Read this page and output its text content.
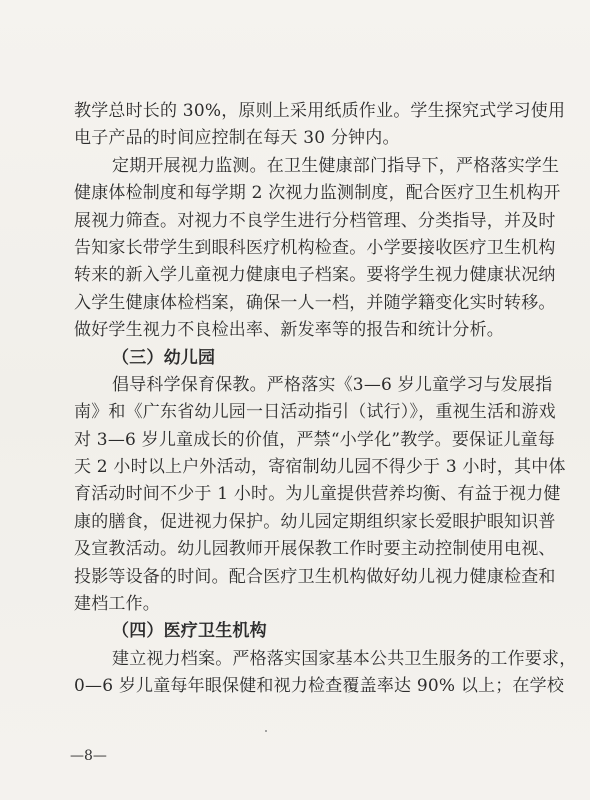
教学总时长的 30%，原则上采用纸质作业。学生探究式学习使用
电子产品的时间应控制在每天 30 分钟内。
定期开展视力监测。在卫生健康部门指导下，严格落实学生
健康体检制度和每学期 2 次视力监测制度，配合医疗卫生机构开
展视力筛查。对视力不良学生进行分档管理、分类指导，并及时
告知家长带学生到眼科医疗机构检查。小学要接收医疗卫生机构
转来的新入学儿童视力健康电子档案。要将学生视力健康状况纳
入学生健康体检档案，确保一人一档，并随学籍变化实时转移。
做好学生视力不良检出率、新发率等的报告和统计分析。
（三）幼儿园
倡导科学保育保教。严格落实《3—6 岁儿童学习与发展指
南》和《广东省幼儿园一日活动指引（试行）》，重视生活和游戏
对 3—6 岁儿童成长的价值，严禁“小学化”教学。要保证儿童每
天 2 小时以上户外活动，寄宿制幼儿园不得少于 3 小时，其中体
育活动时间不少于 1 小时。为儿童提供营养均衡、有益于视力健
康的膳食，促进视力保护。幼儿园定期组织家长爱眼护眼知识普
及宣教活动。幼儿园教师开展保教工作时要主动控制使用电视、
投影等设备的时间。配合医疗卫生机构做好幼儿视力健康检查和
建档工作。
（四）医疗卫生机构
建立视力档案。严格落实国家基本公共卫生服务的工作要求，
0—6 岁儿童每年眼保健和视力检查覆盖率达 90% 以上；在学校
—8—
